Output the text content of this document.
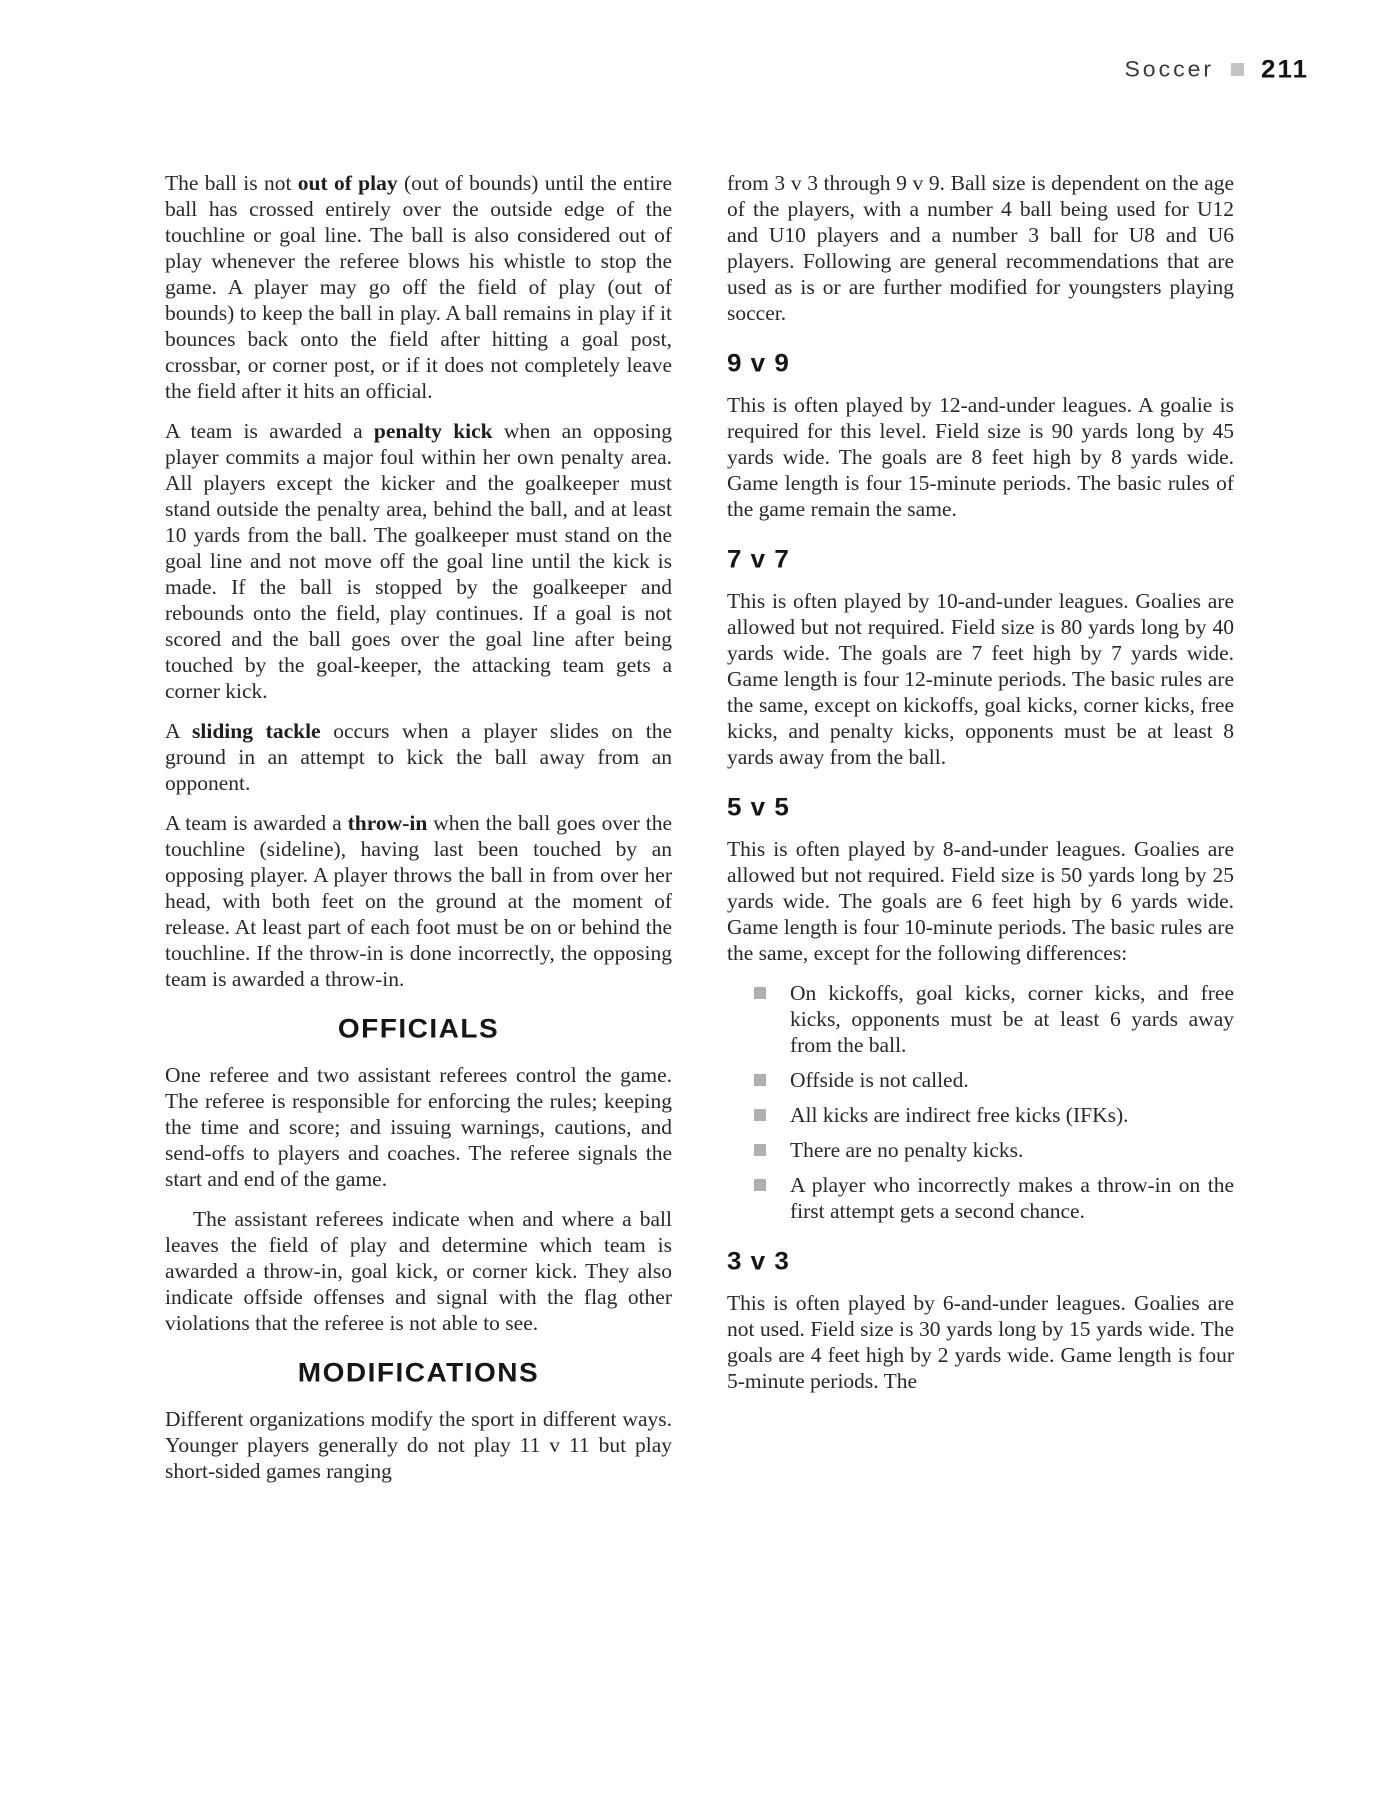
Soccer 211

The ball is not out of play (out of bounds) until the entire ball has crossed entirely over the outside edge of the touchline or goal line. The ball is also considered out of play whenever the referee blows his whistle to stop the game. A player may go off the field of play (out of bounds) to keep the ball in play. A ball remains in play if it bounces back onto the field after hitting a goal post, crossbar, or corner post, or if it does not completely leave the field after it hits an official.

A team is awarded a penalty kick when an opposing player commits a major foul within her own penalty area. All players except the kicker and the goalkeeper must stand outside the penalty area, behind the ball, and at least 10 yards from the ball. The goalkeeper must stand on the goal line and not move off the goal line until the kick is made. If the ball is stopped by the goalkeeper and rebounds onto the field, play continues. If a goal is not scored and the ball goes over the goal line after being touched by the goal-keeper, the attacking team gets a corner kick.

A sliding tackle occurs when a player slides on the ground in an attempt to kick the ball away from an opponent.

A team is awarded a throw-in when the ball goes over the touchline (sideline), having last been touched by an opposing player. A player throws the ball in from over her head, with both feet on the ground at the moment of release. At least part of each foot must be on or behind the touchline. If the throw-in is done incorrectly, the opposing team is awarded a throw-in.

OFFICIALS

One referee and two assistant referees control the game. The referee is responsible for enforcing the rules; keeping the time and score; and issuing warnings, cautions, and send-offs to players and coaches. The referee signals the start and end of the game.

The assistant referees indicate when and where a ball leaves the field of play and determine which team is awarded a throw-in, goal kick, or corner kick. They also indicate offside offenses and signal with the flag other violations that the referee is not able to see.

MODIFICATIONS

Different organizations modify the sport in different ways. Younger players generally do not play 11 v 11 but play short-sided games ranging

from 3 v 3 through 9 v 9. Ball size is dependent on the age of the players, with a number 4 ball being used for U12 and U10 players and a number 3 ball for U8 and U6 players. Following are general recommendations that are used as is or are further modified for youngsters playing soccer.

9 v 9

This is often played by 12-and-under leagues. A goalie is required for this level. Field size is 90 yards long by 45 yards wide. The goals are 8 feet high by 8 yards wide. Game length is four 15-minute periods. The basic rules of the game remain the same.

7 v 7

This is often played by 10-and-under leagues. Goalies are allowed but not required. Field size is 80 yards long by 40 yards wide. The goals are 7 feet high by 7 yards wide. Game length is four 12-minute periods. The basic rules are the same, except on kickoffs, goal kicks, corner kicks, free kicks, and penalty kicks, opponents must be at least 8 yards away from the ball.

5 v 5

This is often played by 8-and-under leagues. Goalies are allowed but not required. Field size is 50 yards long by 25 yards wide. The goals are 6 feet high by 6 yards wide. Game length is four 10-minute periods. The basic rules are the same, except for the following differences:

On kickoffs, goal kicks, corner kicks, and free kicks, opponents must be at least 6 yards away from the ball.
Offside is not called.
All kicks are indirect free kicks (IFKs).
There are no penalty kicks.
A player who incorrectly makes a throw-in on the first attempt gets a second chance.
3 v 3

This is often played by 6-and-under leagues. Goalies are not used. Field size is 30 yards long by 15 yards wide. The goals are 4 feet high by 2 yards wide. Game length is four 5-minute periods. The
